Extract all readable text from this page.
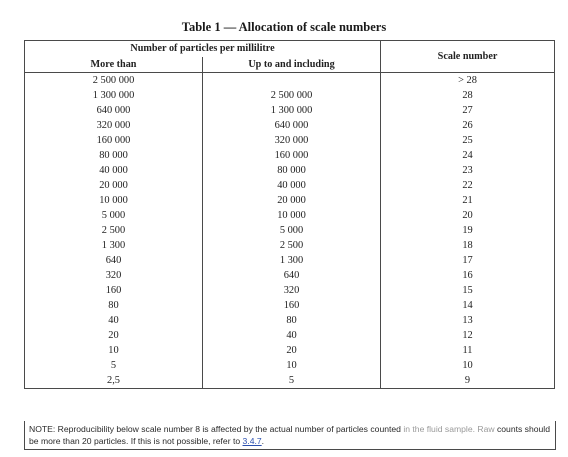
Table 1 — Allocation of scale numbers
Number of particles per millilitre		Scale number
More than	Up to and including	
2 500 000		> 28
1 300 000	2 500 000	28
640 000	1 300 000	27
320 000	640 000	26
160 000	320 000	25
80 000	160 000	24
40 000	80 000	23
20 000	40 000	22
10 000	20 000	21
5 000	10 000	20
2 500	5 000	19
1 300	2 500	18
640	1 300	17
320	640	16
160	320	15
80	160	14
40	80	13
20	40	12
10	20	11
5	10	10
2,5	5	9
NOTE: Reproducibility below scale number 8 is affected by the actual number of particles counted in the fluid sample. Raw counts should be more than 20 particles. If this is not possible, refer to 3.4.7.
